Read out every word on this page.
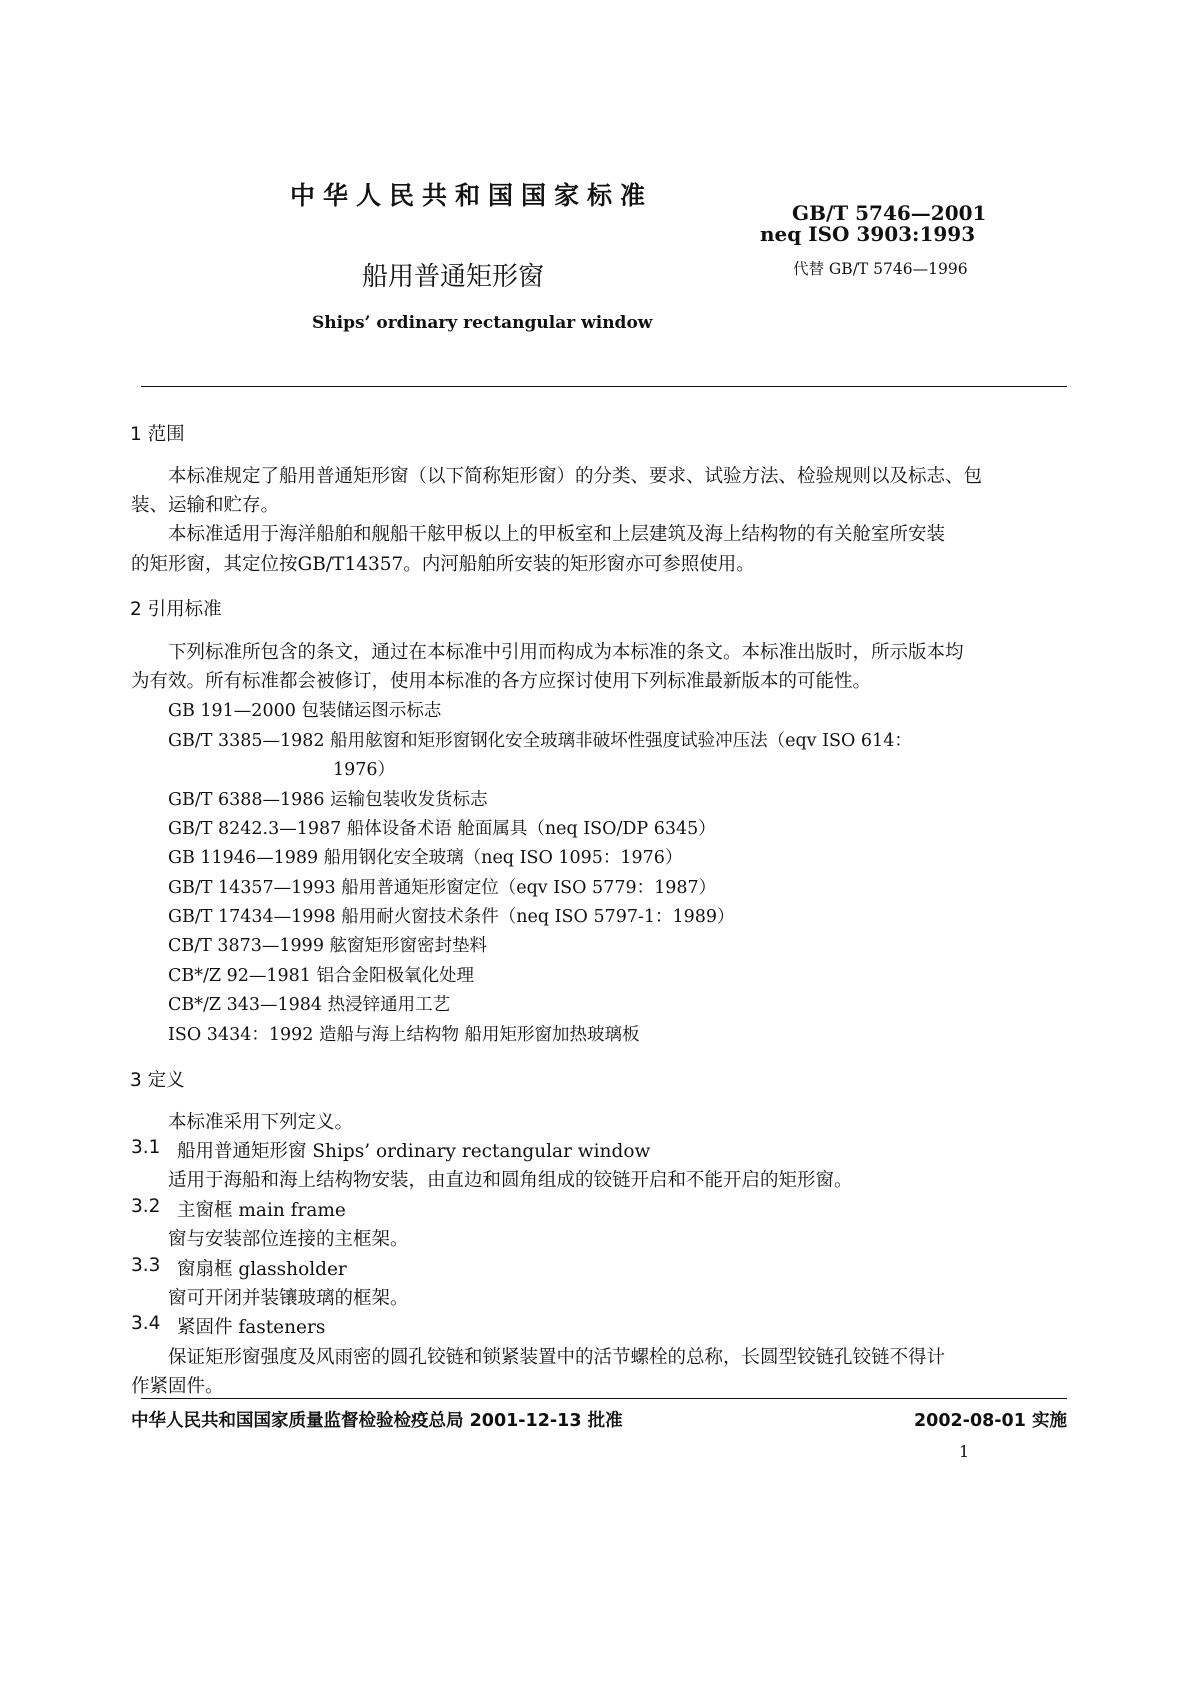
中华人民共和国国家标准
GB/T 5746—2001
neq ISO 3903:1993
船用普通矩形窗	代替 GB/T 5746—1996
Ships’ ordinary rectangular window
1 范围
本标准规定了船用普通矩形窗（以下简称矩形窗）的分类、要求、试验方法、检验规则以及标志、包
装、运输和贮存。
本标准适用于海洋船舶和舰船干舷甲板以上的甲板室和上层建筑及海上结构物的有关舱室所安装
的矩形窗，其定位按GB/T14357。内河船舶所安装的矩形窗亦可参照使用。
2 引用标准
下列标准所包含的条文，通过在本标准中引用而构成为本标准的条文。本标准出版时，所示版本均
为有效。所有标准都会被修订，使用本标准的各方应探讨使用下列标准最新版本的可能性。
GB 191—2000 包装储运图示标志
GB/T 3385—1982 船用舷窗和矩形窗钢化安全玻璃非破坏性强度试验冲压法（eqv ISO 614：
1976）
GB/T 6388—1986 运输包装收发货标志
GB/T 8242.3—1987 船体设备术语 舱面属具（neq ISO/DP 6345）
GB 11946—1989 船用钢化安全玻璃（neq ISO 1095：1976）
GB/T 14357—1993 船用普通矩形窗定位（eqv ISO 5779：1987）
GB/T 17434—1998 船用耐火窗技术条件（neq ISO 5797-1：1989）
CB/T 3873—1999 舷窗矩形窗密封垫料
CB*/Z 92—1981 铝合金阳极氧化处理
CB*/Z 343—1984 热浸锌通用工艺
ISO 3434：1992 造船与海上结构物 船用矩形窗加热玻璃板
3 定义
本标准采用下列定义。
3.1 船用普通矩形窗 Ships’ ordinary rectangular window
适用于海船和海上结构物安装，由直边和圆角组成的铰链开启和不能开启的矩形窗。
3.2 主窗框 main frame
窗与安装部位连接的主框架。
3.3 窗扇框 glassholder
窗可开闭并装镶玻璃的框架。
3.4 紧固件 fasteners
保证矩形窗强度及风雨密的圆孔铰链和锁紧装置中的活节螺栓的总称，长圆型铰链孔铰链不得计
作紧固件。
中华人民共和国国家质量监督检验检疫总局 2001-12-13 批准	2002-08-01 实施
1
